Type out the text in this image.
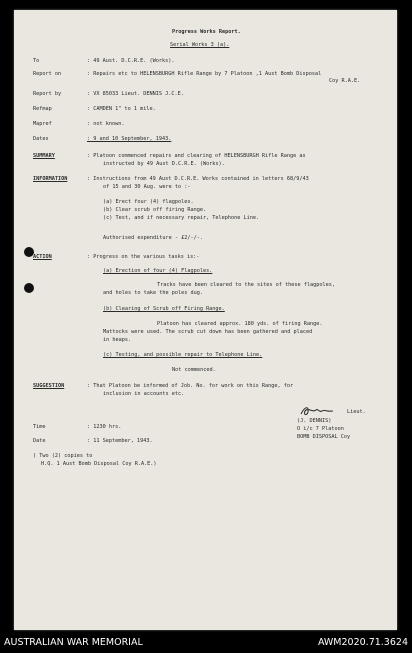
Progress Works Report.
Serial Works 3 (a).
To	: 49 Aust. D.C.R.E. (Works).
Report on	: Repairs etc to HELENSBURGH Rifle Range by 7 Platoon ,1 Aust Bomb Disposal
Coy R.A.E.
Report by	: VX 85033 Lieut. DENNIS J.C.E.
Refmap	: CAMDEN 1" to 1 mile.
Mapref	: not known.
Dates	: 9 and 10 September, 1943.
SUMMARY	: Platoon commenced repairs and clearing of HELENSBURGH Rifle Range as
instructed by 49 Aust D.C.R.E. (Works).
INFORMATION	: Instructions from 49 Aust D.C.R.E. Works contained in letters 68/9/43
of 15 and 30 Aug. were to :-
(a) Erect four (4) flagpoles.
(b) Clear scrub off firing Range.
(c) Test, and if necessary repair, Telephone Line.
Authorised expenditure - £2/-/-.
ACTION	: Progress on the various tasks is:-
(a) Erection of four (4) Flagpoles.
Tracks have been cleared to the sites of these flagpoles,
and holes to take the poles dug.
(b) Clearing of Scrub off Firing Range.
Platoon has cleared approx. 180 yds. of firing Range.
Mattocks were used. The scrub cut down has been gathered and placed
in heaps.
(c) Testing, and possible repair to Telephone Line.
Not commenced.
SUGGESTION	: That Platoon be informed of Job. No. for work on this Range, for
inclusion in accounts etc.
Lieut.
(J. DENNIS)
O i/c 7 Platoon
BOMB DISPOSAL Coy
Time	: 1230 hrs.
Date	: 11 September, 1943.
( Two (2) copies to
H.Q. 1 Aust Bomb Disposal Coy R.A.E.)
AUSTRALIAN WAR MEMORIAL	AWM2020.71.3624
